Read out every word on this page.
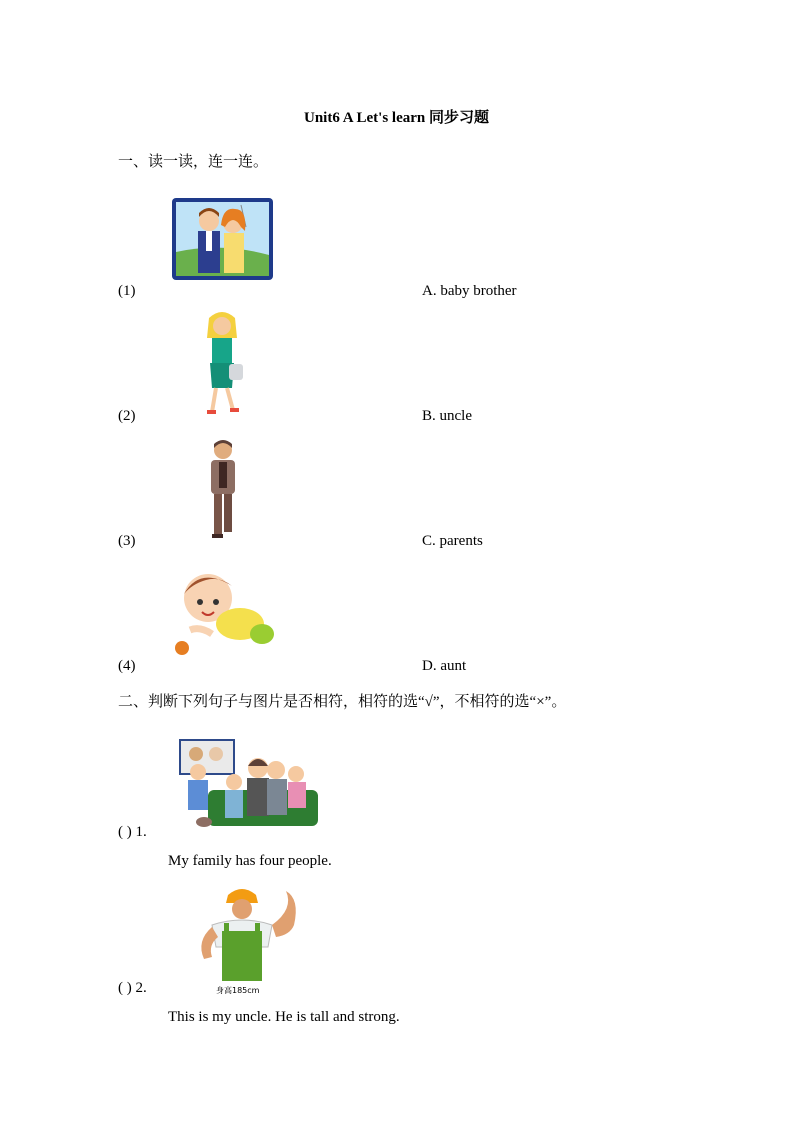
Unit6 A Let's learn 同步习题
一、读一读，连一连。
(1)	A. baby brother
(2)	B. uncle
(3)	C. parents
(4)	D. aunt
二、判断下列句子与图片是否相符，相符的选“√”，不相符的选“×”。
( ) 1.
My family has four people.
身高185cm
( ) 2.
This is my uncle. He is tall and strong.
